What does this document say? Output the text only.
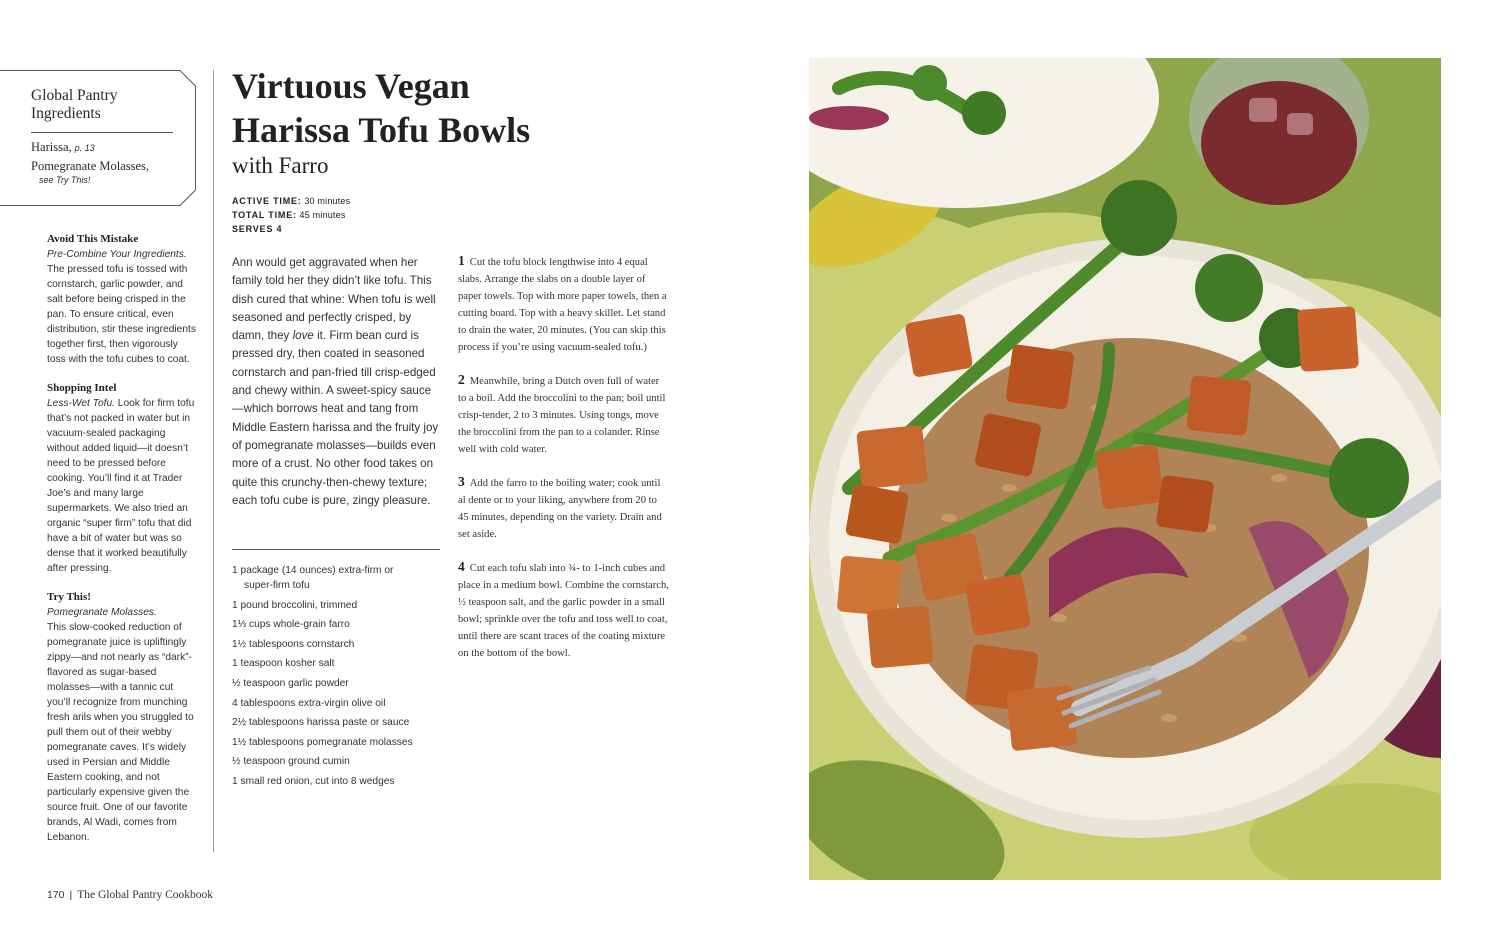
Global Pantry Ingredients
Harissa, p. 13
Pomegranate Molasses,
see Try This!
Avoid This Mistake
Pre-Combine Your Ingredients.
The pressed tofu is tossed with cornstarch, garlic powder, and salt before being crisped in the pan. To ensure critical, even distribution, stir these ingredients together first, then vigorously toss with the tofu cubes to coat.
Shopping Intel
Less-Wet Tofu. Look for firm tofu that’s not packed in water but in vacuum-sealed packaging without added liquid—it doesn’t need to be pressed before cooking. You’ll find it at Trader Joe’s and many large supermarkets. We also tried an organic “super firm” tofu that did have a bit of water but was so dense that it worked beautifully after pressing.
Try This!
Pomegranate Molasses.
This slow-cooked reduction of pomegranate juice is upliftingly zippy—and not nearly as “dark”-flavored as sugar-based molasses—with a tannic cut you’ll recognize from munching fresh arils when you struggled to pull them out of their webby pomegranate caves. It’s widely used in Persian and Middle Eastern cooking, and not particularly expensive given the source fruit. One of our favorite brands, Al Wadi, comes from Lebanon.
Virtuous Vegan Harissa Tofu Bowls
with Farro
ACTIVE TIME: 30 minutes
TOTAL TIME: 45 minutes
SERVES 4

Ann would get aggravated when her family told her they didn’t like tofu. This dish cured that whine: When tofu is well seasoned and perfectly crisped, by damn, they love it. Firm bean curd is pressed dry, then coated in seasoned cornstarch and pan-fried till crisp-edged and chewy within. A sweet-spicy sauce—which borrows heat and tang from Middle Eastern harissa and the fruity joy of pomegranate molasses—builds even more of a crust. No other food takes on quite this crunchy-then-chewy texture; each tofu cube is pure, zingy pleasure.

1 package (14 ounces) extra-firm or
super-firm tofu
1 pound broccolini, trimmed
1⅓ cups whole-grain farro
1½ tablespoons cornstarch
1 teaspoon kosher salt
½ teaspoon garlic powder
4 tablespoons extra-virgin olive oil
2½ tablespoons harissa paste or sauce
1½ tablespoons pomegranate molasses
½ teaspoon ground cumin
1 small red onion, cut into 8 wedges
1 Cut the tofu block lengthwise into 4 equal slabs. Arrange the slabs on a double layer of paper towels. Top with more paper towels, then a cutting board. Top with a heavy skillet. Let stand to drain the water, 20 minutes. (You can skip this process if you’re using vacuum-sealed tofu.)
2 Meanwhile, bring a Dutch oven full of water to a boil. Add the broccolini to the pan; boil until crisp-tender, 2 to 3 minutes. Using tongs, move the broccolini from the pan to a colander. Rinse well with cold water.
3 Add the farro to the boiling water; cook until al dente or to your liking, anywhere from 20 to 45 minutes, depending on the variety. Drain and set aside.
4 Cut each tofu slab into ¾- to 1-inch cubes and place in a medium bowl. Combine the cornstarch, ½ teaspoon salt, and the garlic powder in a small bowl; sprinkle over the tofu and toss well to coat, until there are scant traces of the coating mixture on the bottom of the bowl.
170 | The Global Pantry Cookbook
